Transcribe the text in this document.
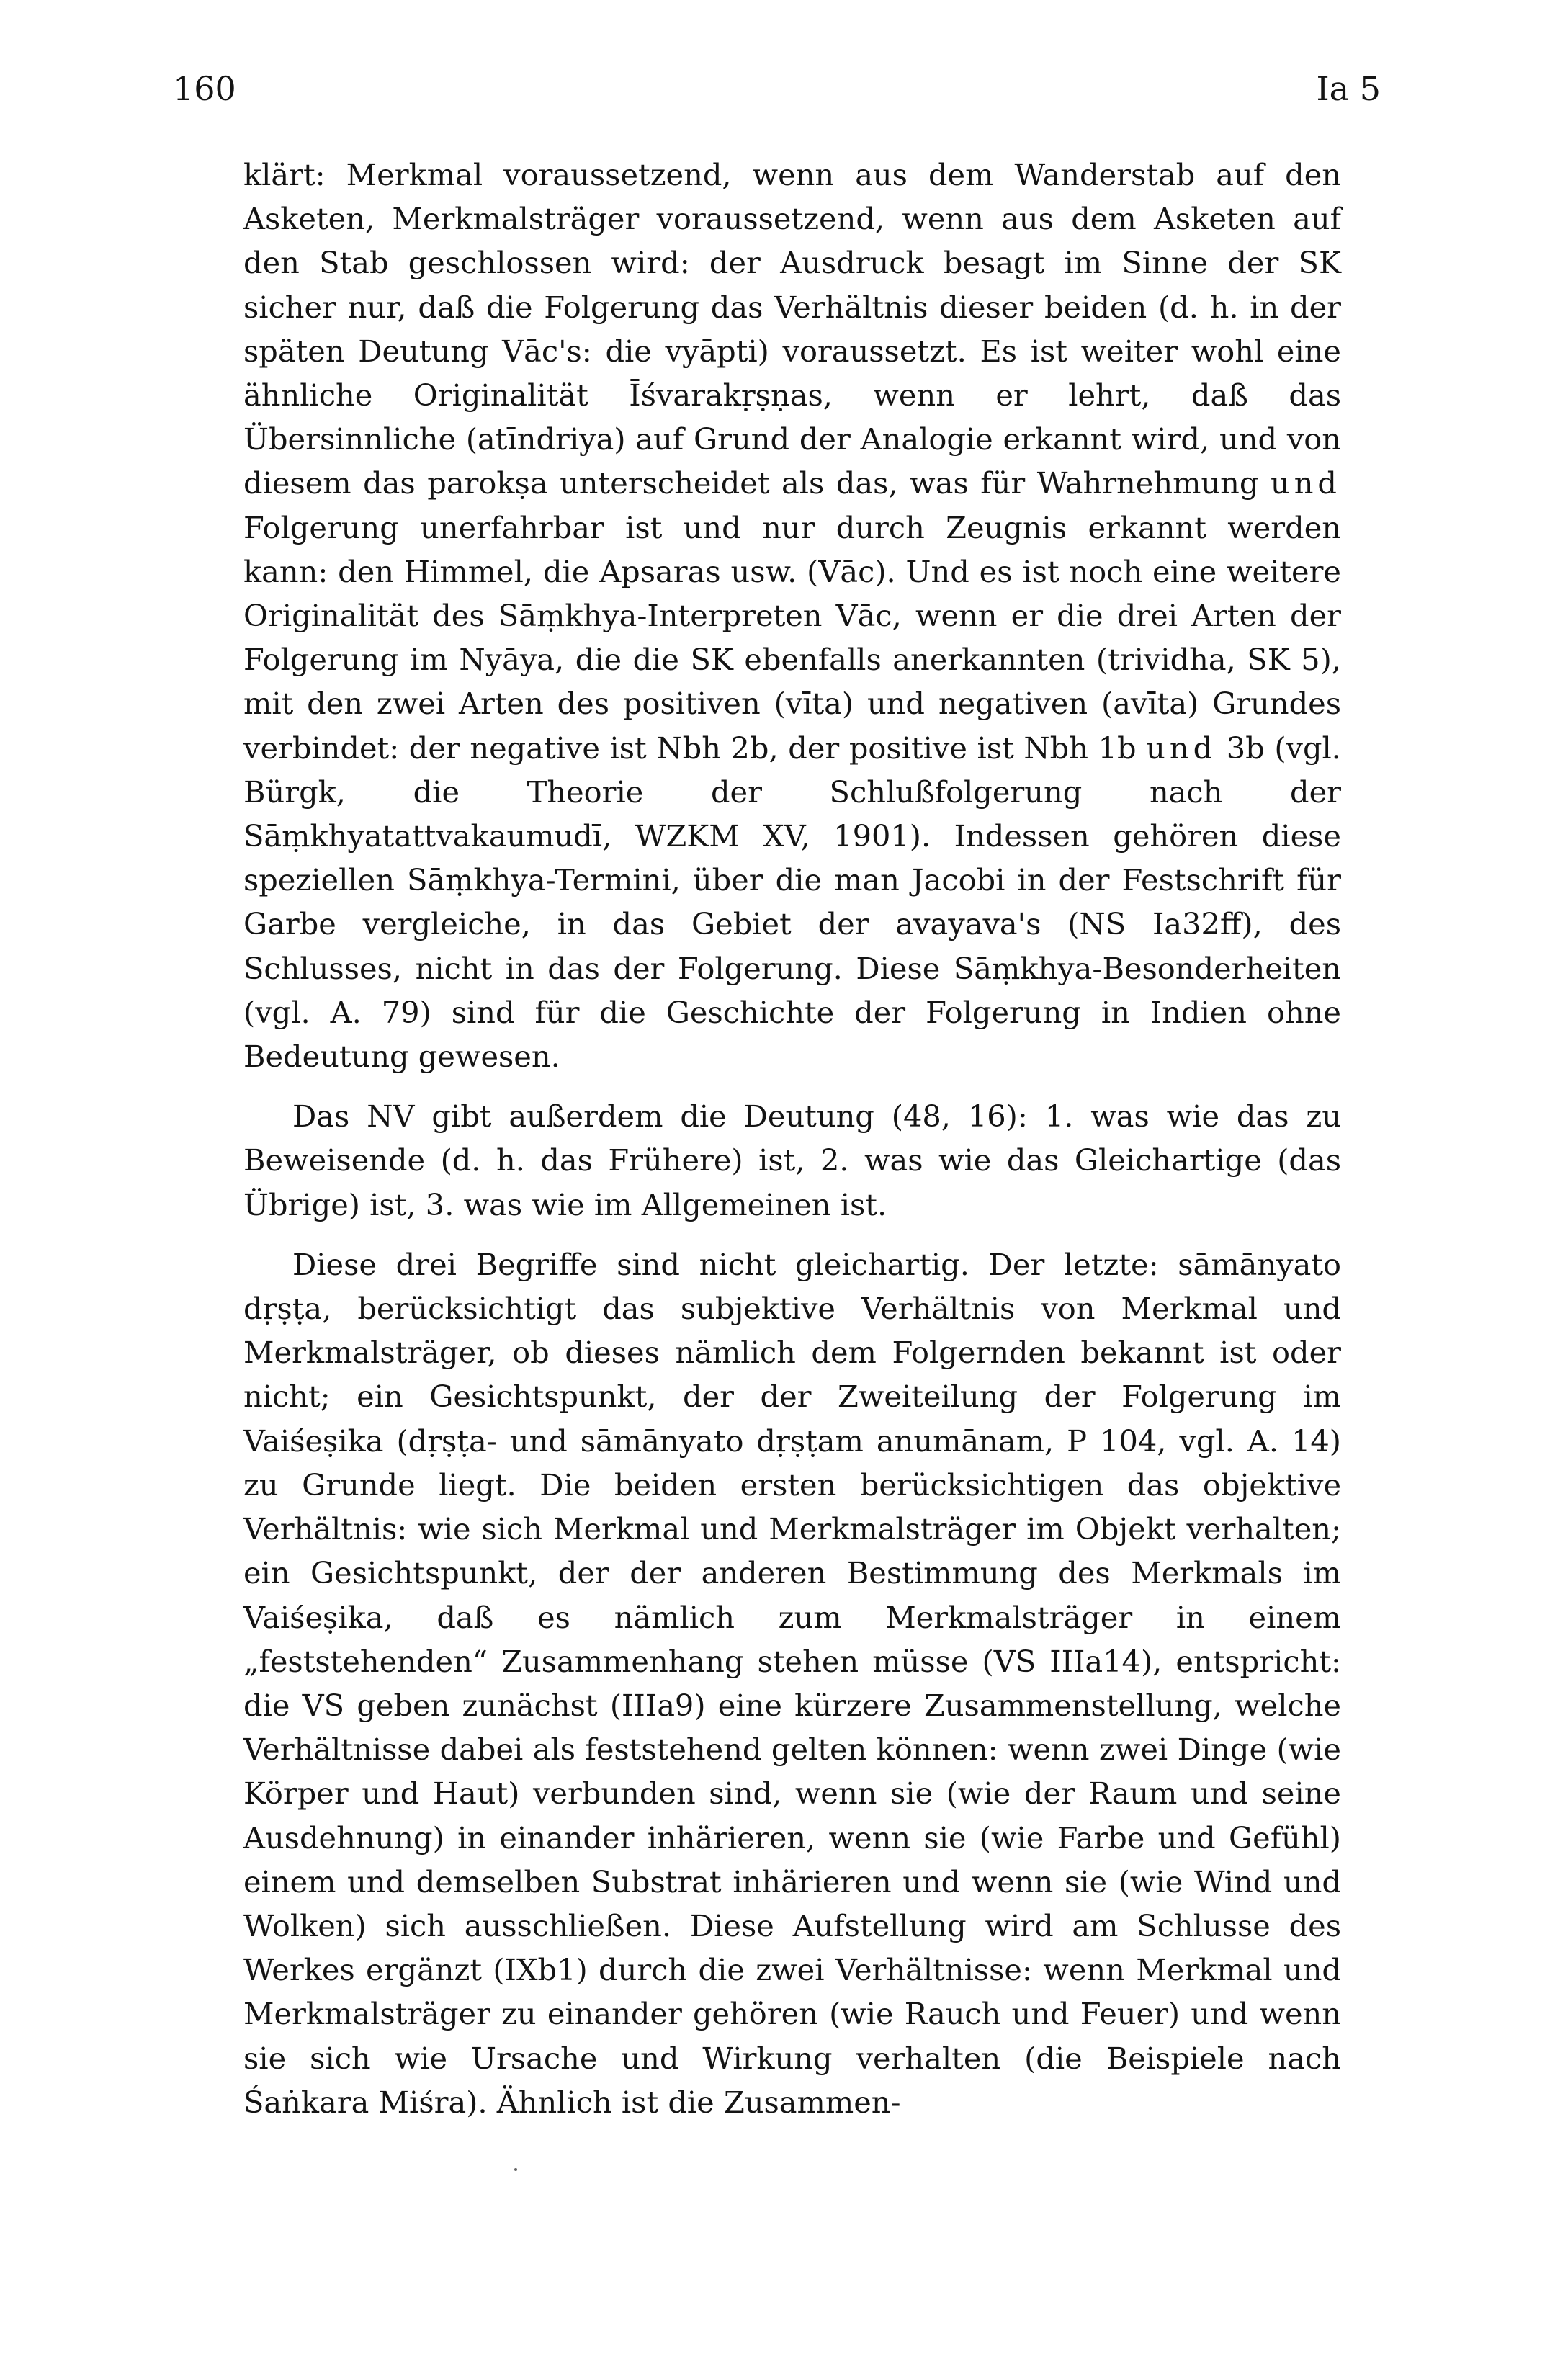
160	Ia 5

klärt: Merkmal voraussetzend, wenn aus dem Wanderstab auf den Asketen, Merkmalsträger voraussetzend, wenn aus dem Asketen auf den Stab geschlossen wird: der Ausdruck besagt im Sinne der SK sicher nur, daß die Folgerung das Verhältnis dieser beiden (d. h. in der späten Deutung Vāc's: die vyāpti) voraussetzt. Es ist weiter wohl eine ähnliche Originalität Īśvarakṛṣṇas, wenn er lehrt, daß das Übersinnliche (atīndriya) auf Grund der Analogie erkannt wird, und von diesem das parokṣa unterscheidet als das, was für Wahrnehmung und Folgerung unerfahrbar ist und nur durch Zeugnis erkannt werden kann: den Himmel, die Apsaras usw. (Vāc). Und es ist noch eine weitere Originalität des Sāṃkhya-Interpreten Vāc, wenn er die drei Arten der Folgerung im Nyāya, die die SK ebenfalls anerkannten (trividha, SK 5), mit den zwei Arten des positiven (vīta) und negativen (avīta) Grundes verbindet: der negative ist Nbh 2b, der positive ist Nbh 1b und 3b (vgl. Bürgk, die Theorie der Schlußfolgerung nach der Sāṃkhyatattvakaumudī, WZKM XV, 1901). Indessen gehören diese speziellen Sāṃkhya-Termini, über die man Jacobi in der Festschrift für Garbe vergleiche, in das Gebiet der avayava's (NS Ia32ff), des Schlusses, nicht in das der Folgerung. Diese Sāṃkhya-Besonderheiten (vgl. A. 79) sind für die Geschichte der Folgerung in Indien ohne Bedeutung gewesen.

Das NV gibt außerdem die Deutung (48, 16): 1. was wie das zu Beweisende (d. h. das Frühere) ist, 2. was wie das Gleichartige (das Übrige) ist, 3. was wie im Allgemeinen ist.

Diese drei Begriffe sind nicht gleichartig. Der letzte: sāmānyato dṛṣṭa, berücksichtigt das subjektive Verhältnis von Merkmal und Merkmalsträger, ob dieses nämlich dem Folgernden bekannt ist oder nicht; ein Gesichtspunkt, der der Zweiteilung der Folgerung im Vaiśeṣika (dṛṣṭa- und sāmānyato dṛṣṭam anumānam, P 104, vgl. A. 14) zu Grunde liegt. Die beiden ersten berücksichtigen das objektive Verhältnis: wie sich Merkmal und Merkmalsträger im Objekt verhalten; ein Gesichtspunkt, der der anderen Bestimmung des Merkmals im Vaiśeṣika, daß es nämlich zum Merkmalsträger in einem „feststehenden“ Zusammenhang stehen müsse (VS IIIa14), entspricht: die VS geben zunächst (IIIa9) eine kürzere Zusammenstellung, welche Verhältnisse dabei als feststehend gelten können: wenn zwei Dinge (wie Körper und Haut) verbunden sind, wenn sie (wie der Raum und seine Ausdehnung) in einander inhärieren, wenn sie (wie Farbe und Gefühl) einem und demselben Substrat inhärieren und wenn sie (wie Wind und Wolken) sich ausschließen. Diese Aufstellung wird am Schlusse des Werkes ergänzt (IXb1) durch die zwei Verhältnisse: wenn Merkmal und Merkmalsträger zu einander gehören (wie Rauch und Feuer) und wenn sie sich wie Ursache und Wirkung verhalten (die Beispiele nach Śaṅkara Miśra). Ähnlich ist die Zusammen-
